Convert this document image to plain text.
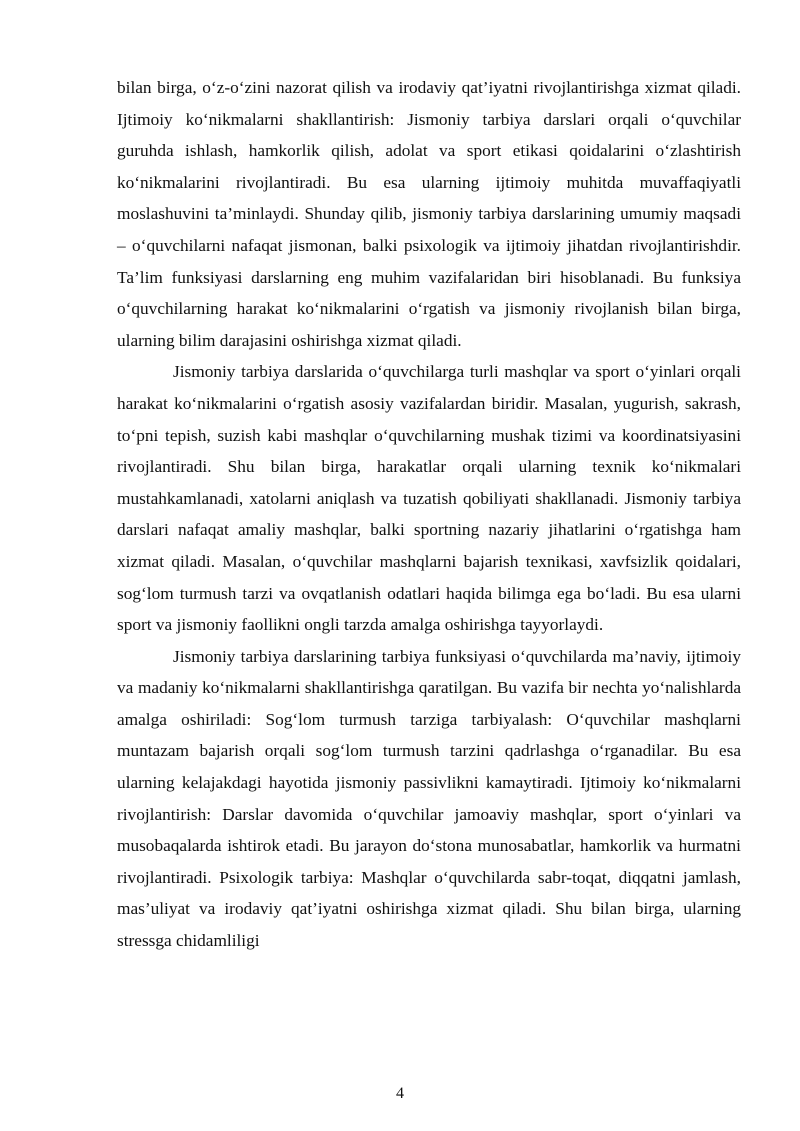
bilan birga, o‘z-o‘zini nazorat qilish va irodaviy qat’iyatni rivojlantirishga xizmat qiladi. Ijtimoiy ko‘nikmalarni shakllantirish: Jismoniy tarbiya darslari orqali o‘quvchilar guruhda ishlash, hamkorlik qilish, adolat va sport etikasi qoidalarini o‘zlashtirish ko‘nikmalarini rivojlantiradi. Bu esa ularning ijtimoiy muhitda muvaffaqiyatli moslashuvini ta’minlaydi. Shunday qilib, jismoniy tarbiya darslarining umumiy maqsadi – o‘quvchilarni nafaqat jismonan, balki psixologik va ijtimoiy jihatdan rivojlantirishdir. Ta’lim funksiyasi darslarning eng muhim vazifalaridan biri hisoblanadi. Bu funksiya o‘quvchilarning harakat ko‘nikmalarini o‘rgatish va jismoniy rivojlanish bilan birga, ularning bilim darajasini oshirishga xizmat qiladi.

Jismoniy tarbiya darslarida o‘quvchilarga turli mashqlar va sport o‘yinlari orqali harakat ko‘nikmalarini o‘rgatish asosiy vazifalardan biridir. Masalan, yugurish, sakrash, to‘pni tepish, suzish kabi mashqlar o‘quvchilarning mushak tizimi va koordinatsiyasini rivojlantiradi. Shu bilan birga, harakatlar orqali ularning texnik ko‘nikmalari mustahkamlanadi, xatolarni aniqlash va tuzatish qobiliyati shakllanadi. Jismoniy tarbiya darslari nafaqat amaliy mashqlar, balki sportning nazariy jihatlarini o‘rgatishga ham xizmat qiladi. Masalan, o‘quvchilar mashqlarni bajarish texnikasi, xavfsizlik qoidalari, sog‘lom turmush tarzi va ovqatlanish odatlari haqida bilimga ega bo‘ladi. Bu esa ularni sport va jismoniy faollikni ongli tarzda amalga oshirishga tayyorlaydi.

Jismoniy tarbiya darslarining tarbiya funksiyasi o‘quvchilarda ma’naviy, ijtimoiy va madaniy ko‘nikmalarni shakllantirishga qaratilgan. Bu vazifa bir nechta yo‘nalishlarda amalga oshiriladi: Sog‘lom turmush tarziga tarbiyalash: O‘quvchilar mashqlarni muntazam bajarish orqali sog‘lom turmush tarzini qadrlashga o‘rganadilar. Bu esa ularning kelajakdagi hayotida jismoniy passivlikni kamaytiradi. Ijtimoiy ko‘nikmalarni rivojlantirish: Darslar davomida o‘quvchilar jamoaviy mashqlar, sport o‘yinlari va musobaqalarda ishtirok etadi. Bu jarayon do‘stona munosabatlar, hamkorlik va hurmatni rivojlantiradi. Psixologik tarbiya: Mashqlar o‘quvchilarda sabr-toqat, diqqatni jamlash, mas’uliyat va irodaviy qat’iyatni oshirishga xizmat qiladi. Shu bilan birga, ularning stressga chidamliligi

4
